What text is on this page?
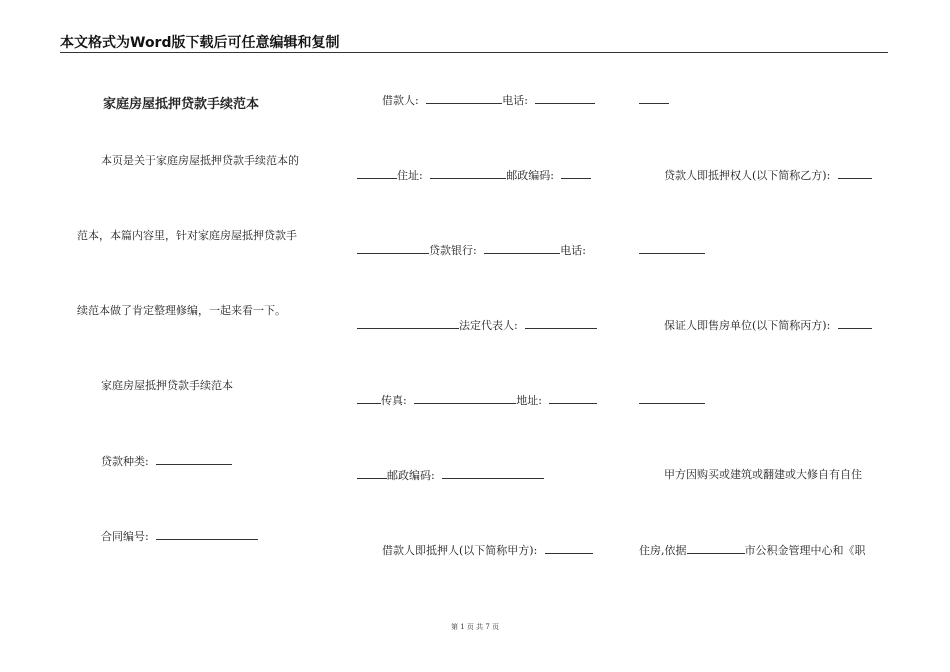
本文格式为Word版下载后可任意编辑和复制
家庭房屋抵押贷款手续范本
本页是关于家庭房屋抵押贷款手续范本的
范本，本篇内容里，针对家庭房屋抵押贷款手
续范本做了肯定整理修编，一起来看一下。
家庭房屋抵押贷款手续范本
贷款种类:
合同编号:
借款人:	电话:
住址:	邮政编码:
贷款银行:	电话:
法定代表人:
传真:	地址:
邮政编码:
借款人即抵押人(以下简称甲方):
贷款人即抵押权人(以下简称乙方):
保证人即售房单位(以下简称丙方):
甲方因购买或建筑或翻建或大修自有自住
住房,依据	市公积金管理中心和《职
第 1 页 共 7 页
